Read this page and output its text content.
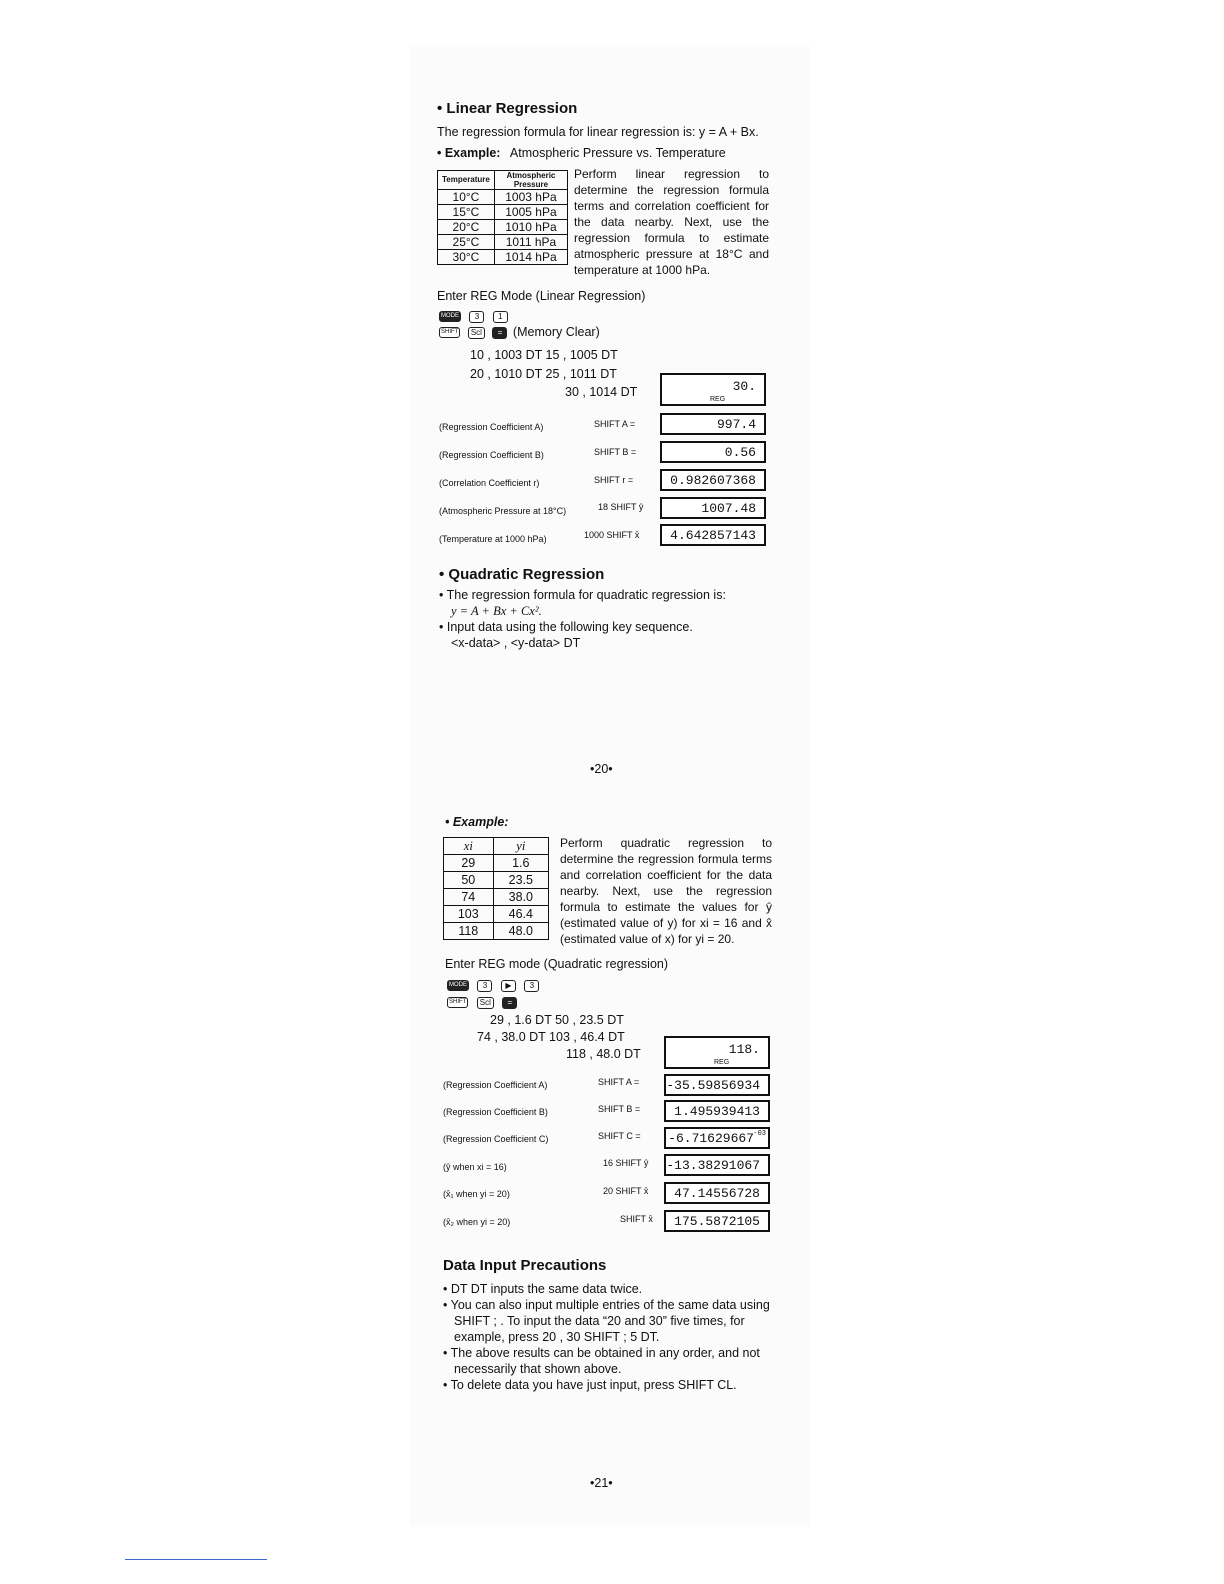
• Linear Regression
The regression formula for linear regression is: y = A + Bx.
• Example: Atmospheric Pressure vs. Temperature
Temperature	Atmospheric Pressure
10°C	1003 hPa
15°C	1005 hPa
20°C	1010 hPa
25°C	1011 hPa
30°C	1014 hPa
Perform linear regression to determine the regression formula terms and correlation coefficient for the data nearby. Next, use the regression formula to estimate atmospheric pressure at 18°C and temperature at 1000 hPa.
Enter REG Mode (Linear Regression)
MODE 3 1
SHIFT Scl = (Memory Clear)
10 , 1003 DT 15 , 1005 DT
20 , 1010 DT 25 , 1011 DT
30 , 1014 DT	30.
REG
(Regression Coefficient A)	SHIFT A =	997.4
(Regression Coefficient B)	SHIFT B =	0.56
(Correlation Coefficient r)	SHIFT r =	0.982607368
(Atmospheric Pressure at 18°C)	18 SHIFT ŷ	1007.48
(Temperature at 1000 hPa)	1000 SHIFT x̂ 4.642857143
• Quadratic Regression
• The regression formula for quadratic regression is:
y = A + Bx + Cx².
• Input data using the following key sequence.
<x-data> , <y-data> DT
•20•
• Example:
xi	yi
29	1.6
50	23.5
74	38.0
103	46.4
118	48.0
Perform quadratic regression to determine the regression formula terms and correlation coefficient for the data nearby. Next, use the regression formula to estimate the values for ŷ (estimated value of y) for xi = 16 and x̂ (estimated value of x) for yi = 20.
Enter REG mode (Quadratic regression)
MODE 3 ▶ 3
SHIFT Scl =
29 , 1.6 DT 50 , 23.5 DT
74 , 38.0 DT 103 , 46.4 DT
118 , 48.0 DT	118.
REG
(Regression Coefficient A)	SHIFT A = -35.59856934
(Regression Coefficient B)	SHIFT B =	1.495939413
(Regression Coefficient C)	SHIFT C = -6.71629667 -03
(ŷ when xi = 16)	16 SHIFT ŷ -13.38291067
(x̂₁ when yi = 20)	20 SHIFT x̂ 47.14556728
(x̂₂ when yi = 20)	SHIFT x̂ 175.5872105
Data Input Precautions
• DT DT inputs the same data twice.
• You can also input multiple entries of the same data using SHIFT ; . To input the data “20 and 30” five times, for example, press 20 , 30 SHIFT ; 5 DT.
• The above results can be obtained in any order, and not necessarily that shown above.
• To delete data you have just input, press SHIFT CL.
•21•
